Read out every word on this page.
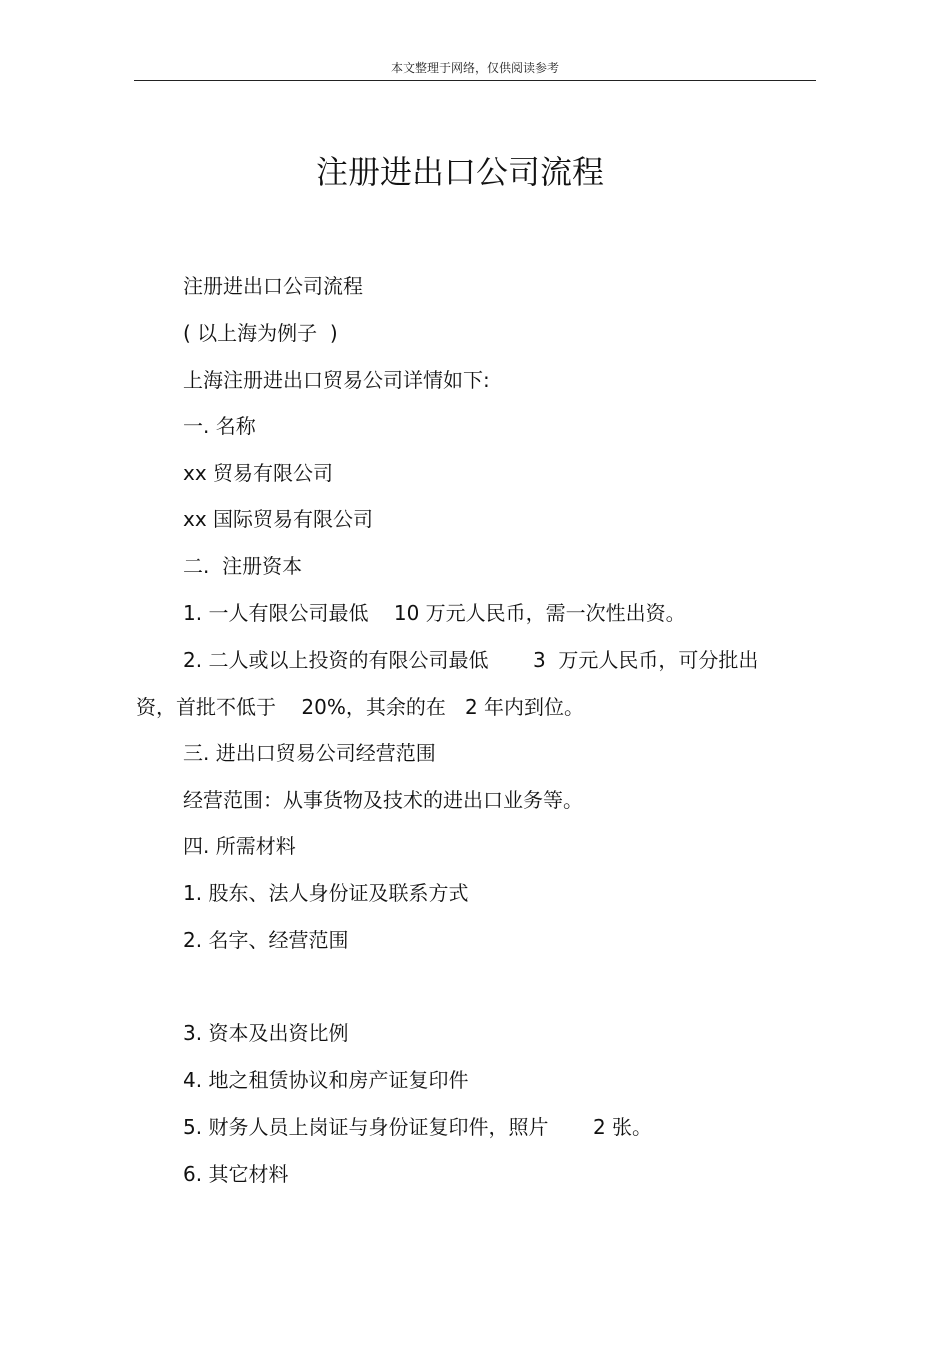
本文整理于网络，仅供阅读参考
注册进出口公司流程
注册进出口公司流程
( 以上海为例子  )
上海注册进出口贸易公司详情如下:
一. 名称
xx 贸易有限公司
xx 国际贸易有限公司
二.  注册资本
1. 一人有限公司最低    10 万元人民币，需一次性出资。
2. 二人或以上投资的有限公司最低       3  万元人民币，可分批出
资，首批不低于    20%，其余的在   2 年内到位。
三. 进出口贸易公司经营范围
经营范围：从事货物及技术的进出口业务等。
四. 所需材料
1. 股东、法人身份证及联系方式
2. 名字、经营范围
3. 资本及出资比例
4. 地之租赁协议和房产证复印件
5. 财务人员上岗证与身份证复印件，照片       2 张。
6. 其它材料
